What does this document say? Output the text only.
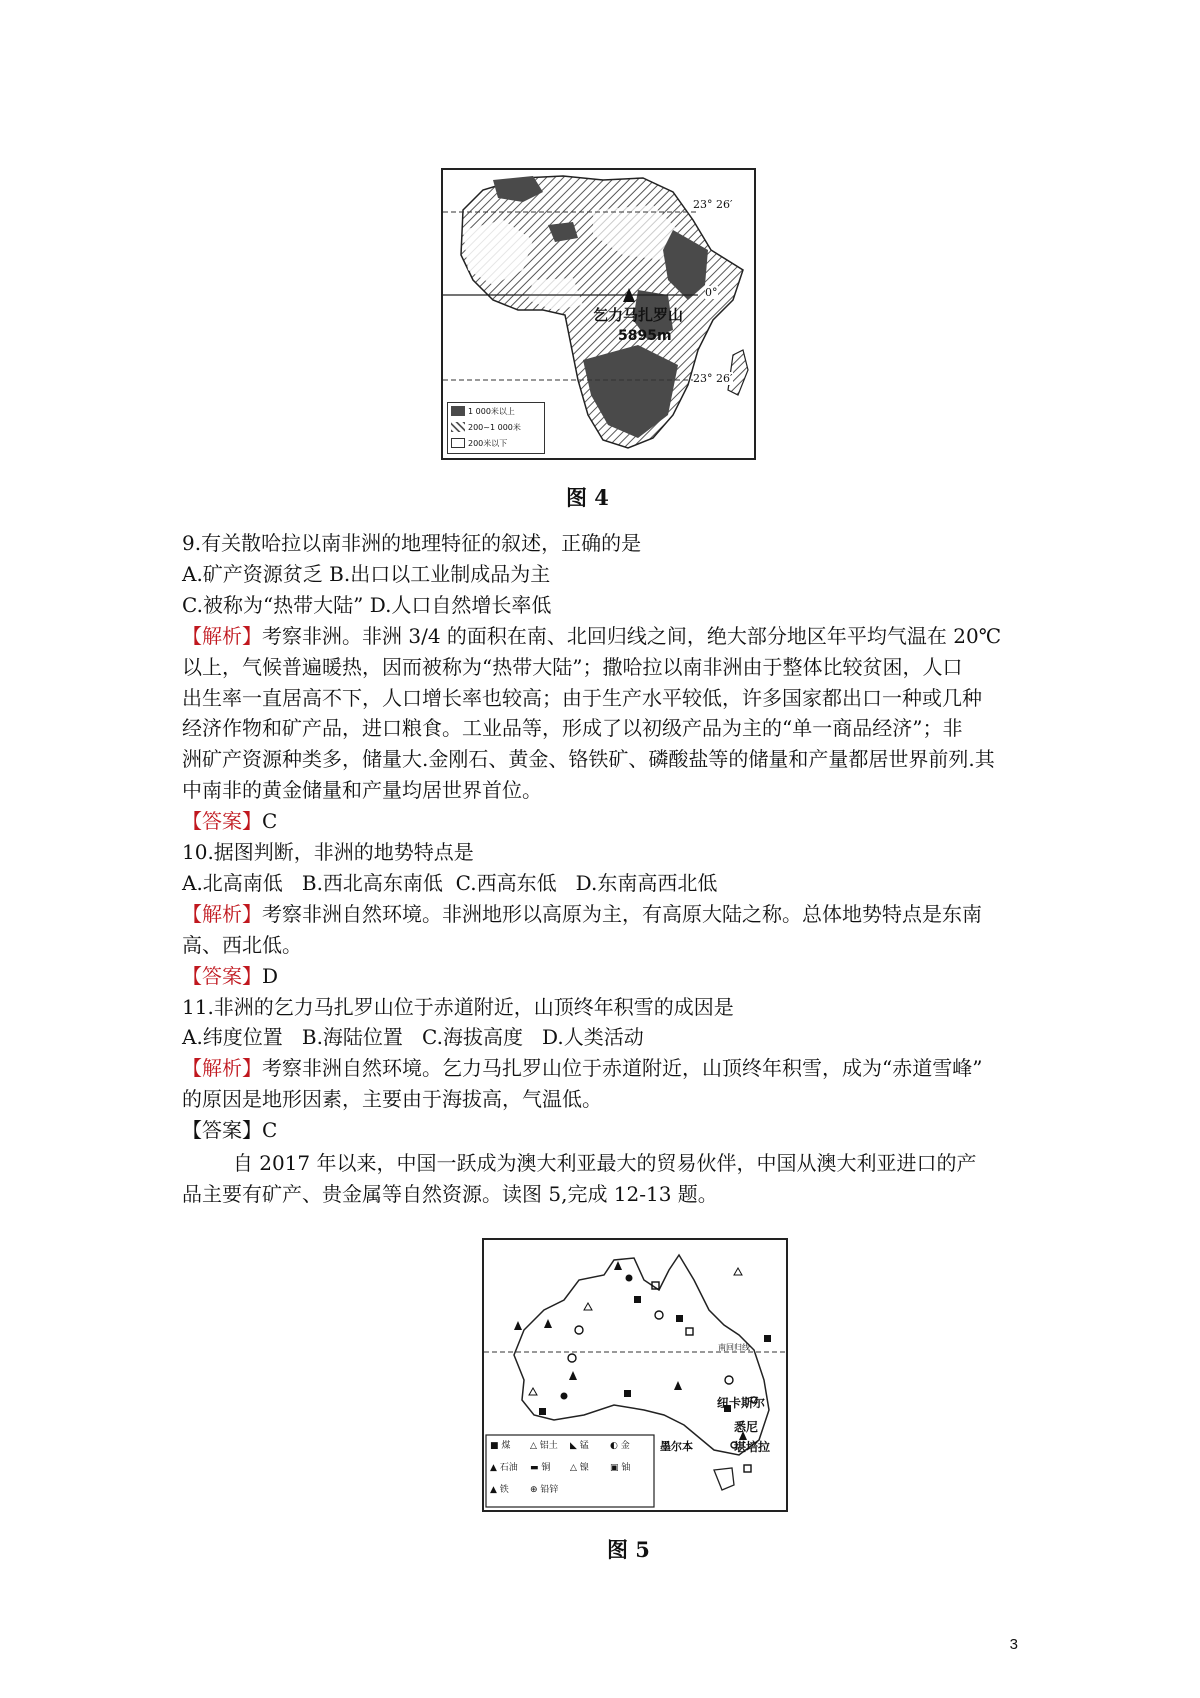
23° 26′
0°
23° 26′
乞力马扎罗山
5895m
1 000米以上
200~1 000米
200米以下
图 4
9.有关散哈拉以南非洲的地理特征的叙述，正确的是
A.矿产资源贫乏 B.出口以工业制成品为主
C.被称为“热带大陆” D.人口自然增长率低
【解析】考察非洲。非洲 3/4 的面积在南、北回归线之间，绝大部分地区年平均气温在 20℃
以上，气候普遍暖热，因而被称为“热带大陆”；撒哈拉以南非洲由于整体比较贫困，人口
出生率一直居高不下，人口增长率也较高；由于生产水平较低，许多国家都出口一种或几种
经济作物和矿产品，进口粮食。工业品等，形成了以初级产品为主的“单一商品经济”；非
洲矿产资源种类多，储量大.金刚石、黄金、铬铁矿、磷酸盐等的储量和产量都居世界前列.其
中南非的黄金储量和产量均居世界首位。
【答案】C
10.据图判断，非洲的地势特点是
A.北高南低   B.西北高东南低  C.西高东低   D.东南高西北低
【解析】考察非洲自然环境。非洲地形以高原为主，有高原大陆之称。总体地势特点是东南
高、西北低。
【答案】D
11.非洲的乞力马扎罗山位于赤道附近，山顶终年积雪的成因是
A.纬度位置   B.海陆位置   C.海拔高度   D.人类活动
【解析】考察非洲自然环境。乞力马扎罗山位于赤道附近，山顶终年积雪，成为“赤道雪峰”
的原因是地形因素，主要由于海拔高，气温低。
【答案】C
自 2017 年以来，中国一跃成为澳大利亚最大的贸易伙伴，中国从澳大利亚进口的产
品主要有矿产、贵金属等自然资源。读图 5,完成 12-13 题。
南回归线
纽卡斯尔
悉尼
墨尔本	堪培拉
■ 煤	△ 铝土	◣ 锰	◐ 金
▲ 石油	▬ 铜	△ 镍	▣ 铀
▲ 铁	⊕ 铅锌
图 5
3
